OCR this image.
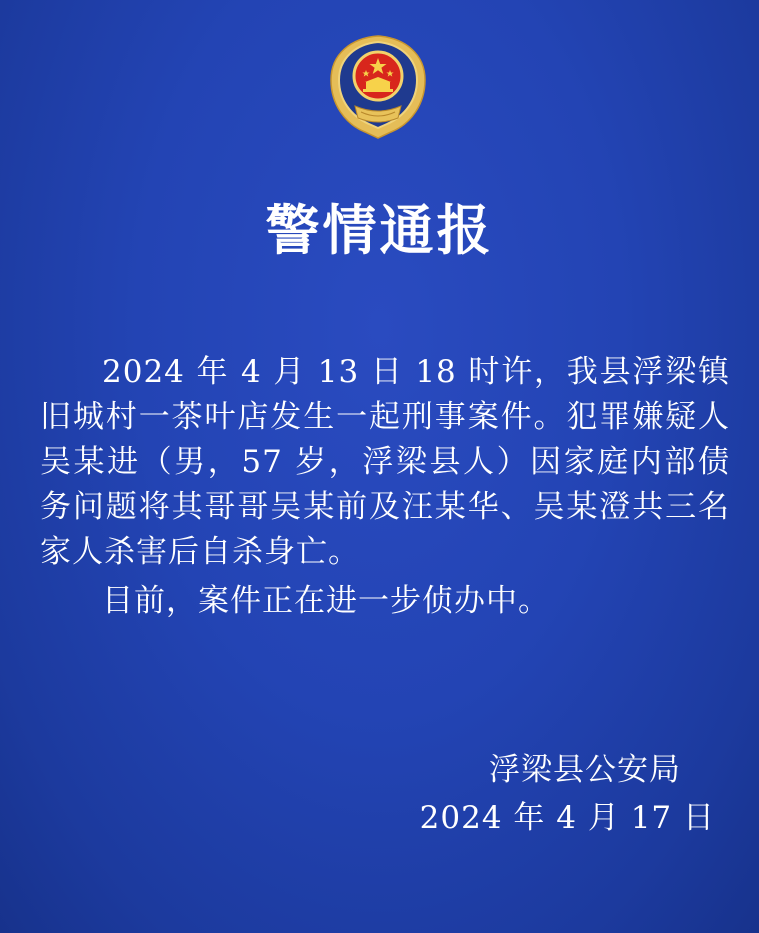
警情通报

2024 年 4 月 13 日 18 时许，我县浮梁镇旧城村一茶叶店发生一起刑事案件。犯罪嫌疑人吴某进（男，57 岁，浮梁县人）因家庭内部债务问题将其哥哥吴某前及汪某华、吴某澄共三名家人杀害后自杀身亡。

目前，案件正在进一步侦办中。

浮梁县公安局
2024 年 4 月 17 日
